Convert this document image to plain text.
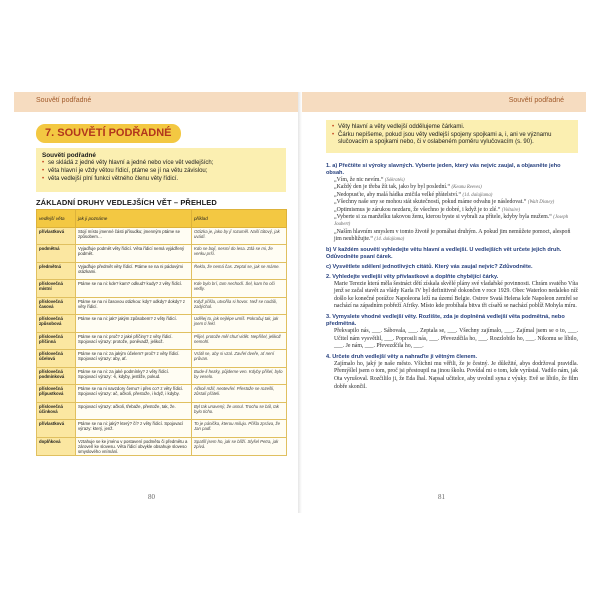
Souvětí podřadné
7. SOUVĚTÍ PODŘADNÉ
Souvětí podřadné
• se skládá z jedné věty hlavní a jedné nebo více vět vedlejších;
• věta hlavní je vždy větou řídicí, ptáme se jí na větu závislou;
• věta vedlejší plní funkci větného členu věty řídicí.
ZÁKLADNÍ DRUHY VEDLEJŠÍCH VĚT – PŘEHLED
vedlejší věta	jak ji poznáme	příklad
přívlastková	Stojí místo jmenné části přísudku; jmenným ptáme se způsobem…	Otázka je, jako by jí rozuměl. Naší tátový, jak uvádí.
podmětná	Vyjadřuje podmět věty řídicí. Věta řídicí nemá vyjádřený podmět.	Kdo se bojí, nesmí do lesa. Zdá se mi, že venku prší.
předmětná	Vyjadřuje předmět věty řídicí. Ptáme se na ni pádovými otázkami.	Řekla, že nemá čas. Zeptal se, jak se máme.
příslovečná místní	Ptáme se na ni: kde? kam? odkud? kudy? z věty řídicí.	Kde bylo brí, tam nechodí. Šel, kam ho oči vedly.
příslovečná časová	Ptáme se na ni časovou otázkou: kdy? odkdy? dokdy? z věty řídicí.	Když přišla, utvořila si hovor. Než se nadáli, zadýchal.
příslovečná způsobová	Ptáme se na ni: jak? jakým způsobem? z věty řídicí.	Udělej to, jak nejlépe umíš. Pokračuj tak, jak jsem ti řekl.
příslovečná příčinná	Ptáme se na ni: proč? z jaké příčiny? z věty řídicí. Spojovací výrazy: protože, poněvadž, jelikož.	Přijel, protože měl chuť vidět. Nepřišel, jelikož nemohl.
příslovečná účelová	Ptáme se na ni: za jakým účelem? proč? z věty řídicí. Spojovací výrazy: aby, ať.	Vrátil se, aby si vzal. Zavřel dveře, ať není průvan.
příslovečná podmínková	Ptáme se na ni: za jaké podmínky? z věty řídicí. Spojovací výrazy: -li, kdyby, jestliže, pokud.	Bude-li hezky, půjdeme ven. Kdyby přišel, bylo by veselo.
příslovečná přípustková	Ptáme se na ni navzdory čemu? i přes co? z věty řídicí. Spojovací výrazy: ač, ačkoli, přestože, i když, i kdyby.	Ačkoli mžil, neotevřel. Přestože se rozešli, zůstali přáteli.
příslovečná účinková	Spojovací výrazy: ačkoli, třebaže, přestože, tak, že.	Byl tak unavený, že usnul. Trochu se bál, tak bylo ticho.
přívlastková	Ptáme se na ni: jaký? který? čí? z věty řídicí. Spojovací výrazy: který, jenž.	To je pánička, kterou miluju. Přišla zpráva, že Jan padl.
doplňková	Vztahuje se ke jménu v postavení podmětu či předmětu a zároveň ke slovesu. Věta řídicí obvykle obsahuje sloveso smyslového vnímání.	Spatřil jsem ho, jak se blíží. Slyšel Petra, jak zpívá.
80
Souvětí podřadné
• Věty hlavní a věty vedlejší oddělujeme čárkami.
• Čárku nepíšeme, pokud jsou věty vedlejší spojeny spojkami a, i, ani ve významu slučovacím a spojkami nebo, či v oslabeném poměru vylučovacím (s. 90).
1. a) Přečtěte si výroky slavných. Vyberte jeden, který vás nejvíc zaujal, a objasněte jeho obsah.
„Vím, že nic nevím.“ (Sókratés)
„Každý den je třeba žít tak, jako by byl poslední.“ (Keanu Reeves)
„Nedopusťte, aby malá hádka zničila velké přátelství.“ (14. dalajlama)
„Všechny naše sny se mohou stát skutečností, pokud máme odvahu je následovat.“ (Walt Disney)
„Optimismus je zárukou nezdaru, že všechno je dobré, i když je to zlé.“ (Voltaire)
„Vyberte si za manželku takovou ženu, kterou byste si vybrali za přítele, kdyby byla mužem.“ (Joseph Joubert)
„Naším hlavním smyslem v tomto životě je pomáhat druhým. A pokud jim nemůžete pomoct, alespoň jim neubližujte.“ (14. dalajlama)
b) V každém souvětí vyhledejte větu hlavní a vedlejší. U vedlejších vět určete jejich druh. Odůvodněte psaní čárek.
c) Vysvětlete sdělení jednotlivých citátů. Který vás zaujal nejvíc? Zdůvodněte.
2. Vyhledejte vedlejší věty přívlastkové a doplňte chybějící čárky.
Marie Terezie která měla šestnáct dětí získala skvělé plány své vladařské povinnosti. Chrám svatého Víta jenž se začal stavět za vlády Karla IV byl definitivně dokončen v roce 1929. Obec Waterloo nedaleko níž došlo ke konečné porážce Napoleona leží na území Belgie. Ostrov Svatá Helena kde Napoleon zemřel se nachází na západním pobřeží Afriky. Místo kde probíhala bitva tři císařů se nachází poblíž Mohyla míru.
3. Vymyslete vhodné vedlejší věty. Rozlište, zda je doplněná vedlejší věta podmětná, nebo předmětná.
Překvapilo nás, ___. Sábovala, ___. Zeptala se, ___. Všechny zajímalo, ___. Zajímal jsem se o to, ___. Učitel nám vysvětlil, ___. Poprosili nás, ___. Převezdčila ho, ___. Rozzlobilo ho, ___. Nikomu se líbilo, ___. Je nám, ___. Převezdčila ho, ___.
4. Určete druh vedlejší věty a nahraďte ji větným členem.
Zajímalo ho, jaký je naše město. Všichni mu věřili, že je čestný. Je důležité, abys dodržoval pravidla. Přemýšlel jsem o tom, proč jsi přestoupil na jinou školu. Povídal mi o tom, kde vyrůstal. Vadilo nám, jak Ota vyrušoval. Rozčililo ji, že Eda lhal. Napsal učitelce, aby uvolnil syna z výuky. Evě se líbilo, že film dobře skončil.
81
